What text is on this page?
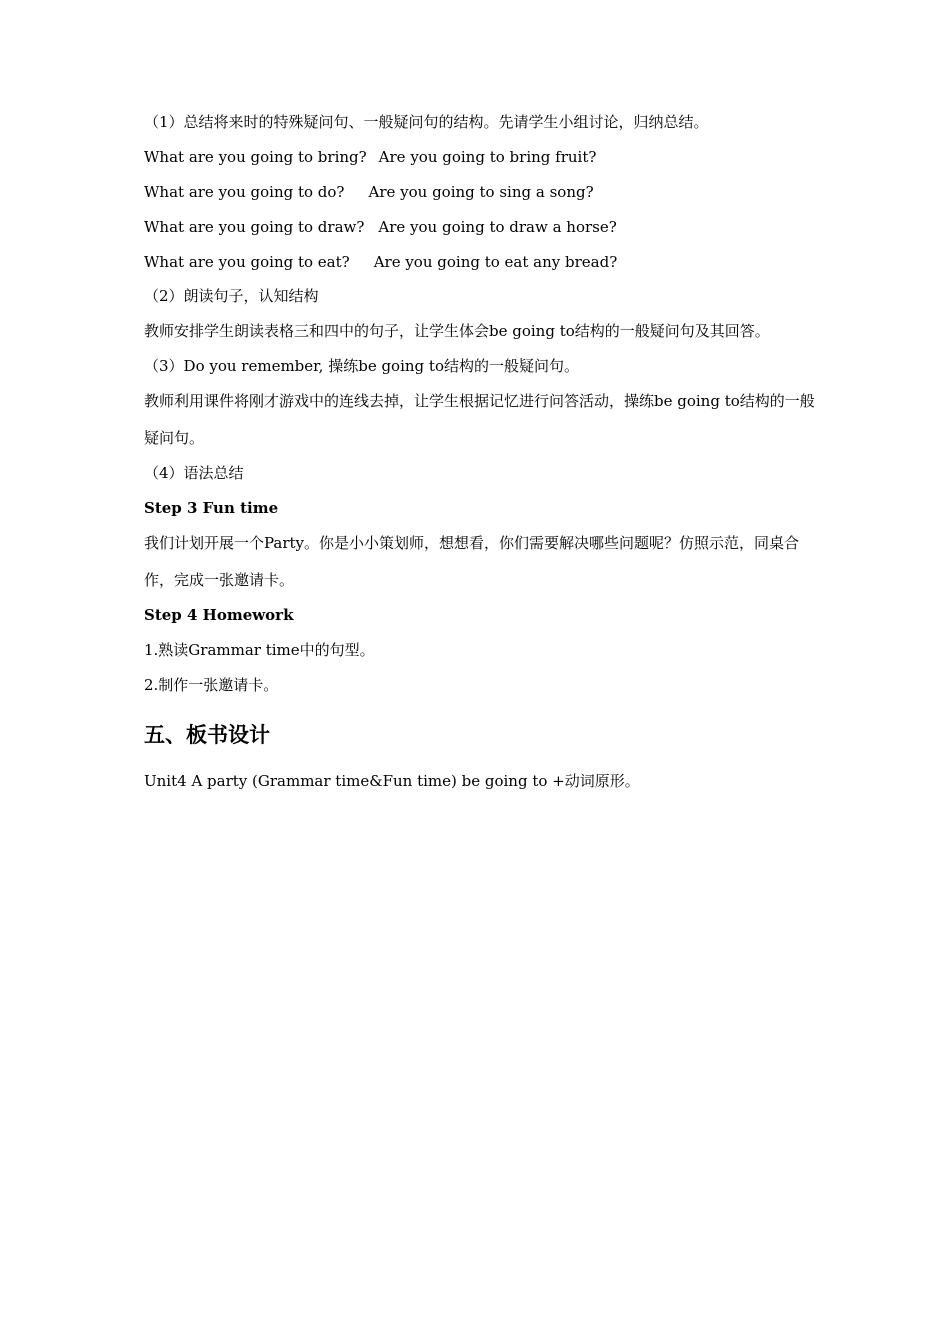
（1）总结将来时的特殊疑问句、一般疑问句的结构。先请学生小组讨论，归纳总结。

What are you going to bring? Are you going to bring fruit?

What are you going to do? Are you going to sing a song?

What are you going to draw? Are you going to draw a horse?

What are you going to eat? Are you going to eat any bread?

（2）朗读句子，认知结构

教师安排学生朗读表格三和四中的句子，让学生体会be going to结构的一般疑问句及其回答。

（3）Do you remember, 操练be going to结构的一般疑问句。

教师利用课件将刚才游戏中的连线去掉，让学生根据记忆进行问答活动，操练be going to结构的一般疑问句。

（4）语法总结

Step 3 Fun time

我们计划开展一个Party。你是小小策划师，想想看，你们需要解决哪些问题呢？仿照示范，同桌合作，完成一张邀请卡。

Step 4 Homework

1.熟读Grammar time中的句型。

2.制作一张邀请卡。

五、板书设计

Unit4 A party (Grammar time&Fun time) be going to +动词原形。
